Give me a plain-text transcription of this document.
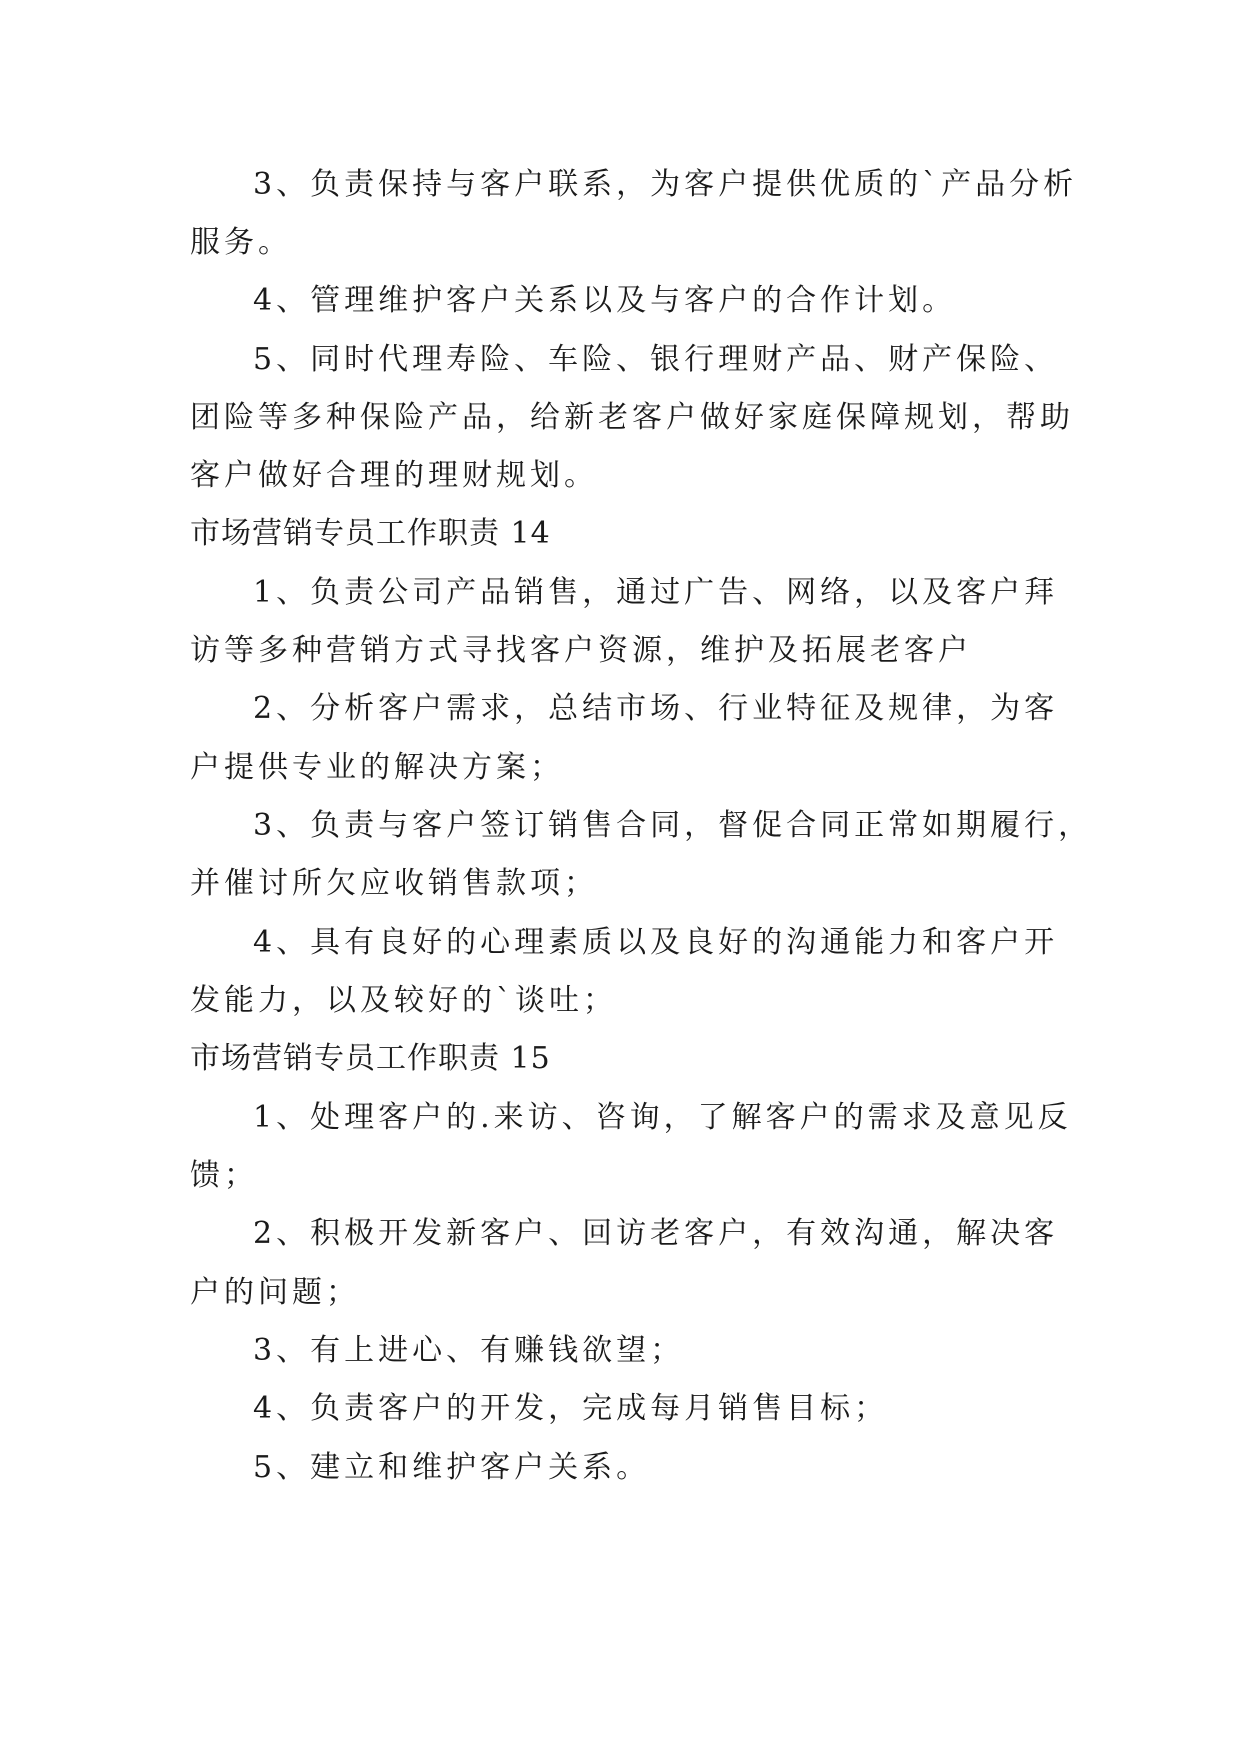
3、负责保持与客户联系，为客户提供优质的`产品分析
服务。
4、管理维护客户关系以及与客户的合作计划。
5、同时代理寿险、车险、银行理财产品、财产保险、
团险等多种保险产品，给新老客户做好家庭保障规划，帮助
客户做好合理的理财规划。
市场营销专员工作职责 14
1、负责公司产品销售，通过广告、网络，以及客户拜
访等多种营销方式寻找客户资源，维护及拓展老客户
2、分析客户需求，总结市场、行业特征及规律，为客
户提供专业的解决方案；
3、负责与客户签订销售合同，督促合同正常如期履行，
并催讨所欠应收销售款项；
4、具有良好的心理素质以及良好的沟通能力和客户开
发能力，以及较好的`谈吐；
市场营销专员工作职责 15
1、处理客户的.来访、咨询，了解客户的需求及意见反
馈；
2、积极开发新客户、回访老客户，有效沟通，解决客
户的问题；
3、有上进心、有赚钱欲望；
4、负责客户的开发，完成每月销售目标；
5、建立和维护客户关系。
